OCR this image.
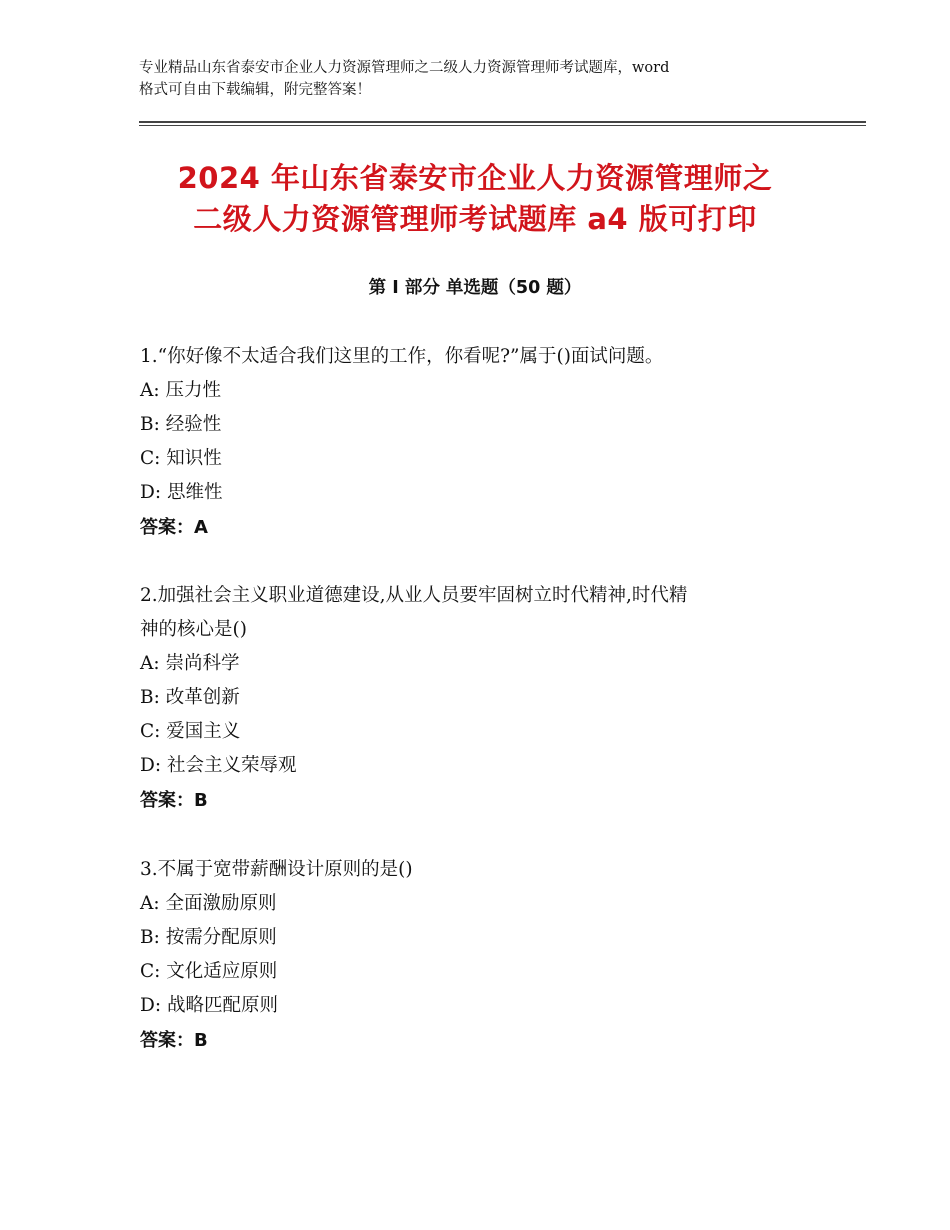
专业精品山东省泰安市企业人力资源管理师之二级人力资源管理师考试题库，word
格式可自由下载编辑，附完整答案！
2024 年山东省泰安市企业人力资源管理师之
二级人力资源管理师考试题库 a4 版可打印
第 I 部分 单选题（50 题）
1.“你好像不太适合我们这里的工作，你看呢?”属于()面试问题。
A: 压力性
B: 经验性
C: 知识性
D: 思维性
答案：A
2.加强社会主义职业道德建设,从业人员要牢固树立时代精神,时代精
神的核心是()
A: 崇尚科学
B: 改革创新
C: 爱国主义
D: 社会主义荣辱观
答案：B
3.不属于宽带薪酬设计原则的是()
A: 全面激励原则
B: 按需分配原则
C: 文化适应原则
D: 战略匹配原则
答案：B
